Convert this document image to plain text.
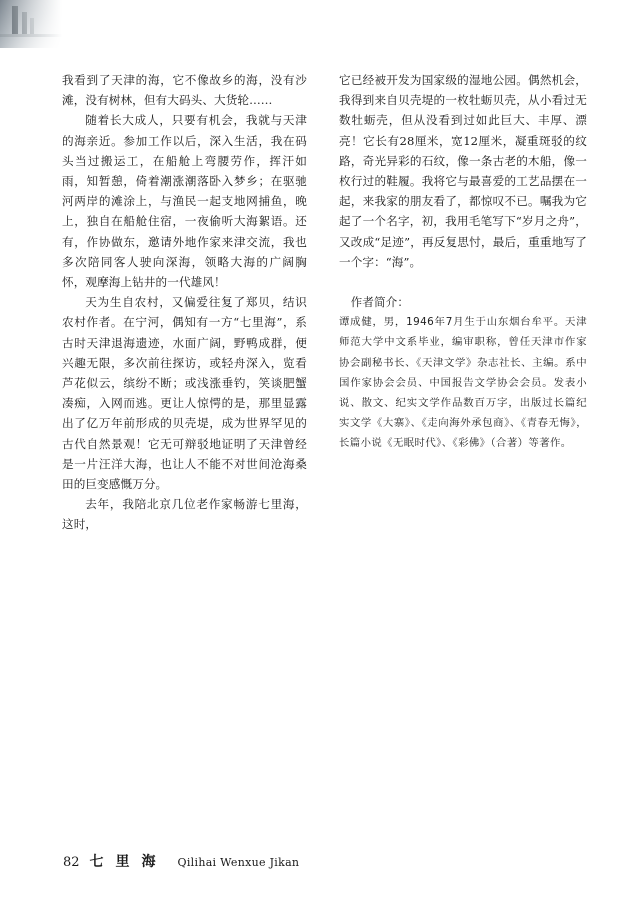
我看到了天津的海，它不像故乡的海，没有沙滩，没有树林，但有大码头、大货轮……

随着长大成人，只要有机会，我就与天津的海亲近。参加工作以后，深入生活，我在码头当过搬运工，在船舱上弯腰劳作，挥汗如雨，知暂憩，倚着潮涨潮落卧入梦乡；在驱驰河两岸的滩涂上，与渔民一起支地网捕鱼，晚上，独自在船舱住宿，一夜偷听大海絮语。还有，作协做东，邀请外地作家来津交流，我也多次陪同客人驶向深海，领略大海的广阔胸怀，观摩海上钻井的一代雄风！

天为生自农村，又偏爱往复了郑贝，结识农村作者。在宁河，偶知有一方“七里海”，系古时天津退海遗迹，水面广阔，野鸭成群，便兴趣无限，多次前往探访，或轻舟深入，览看芦花似云，缤纷不断；或浅涨垂钓，笑谈肥蟹凑痴，入网而逃。更让人惊愕的是，那里显露出了亿万年前形成的贝壳堤，成为世界罕见的古代自然景观！它无可辩驳地证明了天津曾经是一片汪洋大海，也让人不能不对世间沧海桑田的巨变感慨万分。

去年，我陪北京几位老作家畅游七里海，这时，

它已经被开发为国家级的湿地公园。偶然机会，我得到来自贝壳堤的一枚牡蛎贝壳，从小看过无数牡蛎壳，但从没看到过如此巨大、丰厚、漂亮！它长有28厘米，宽12厘米，凝重斑驳的纹路，奇光异彩的石纹，像一条古老的木船，像一枚行过的鞋履。我将它与最喜爱的工艺品摆在一起，来我家的朋友看了，都惊叹不已。嘱我为它起了一个名字，初，我用毛笔写下“岁月之舟”，又改成“足迹”，再反复思忖，最后，重重地写了一个字：“海”。

作者简介：

谭成健，男，1946年7月生于山东烟台牟平。天津师范大学中文系毕业，编审职称，曾任天津市作家协会副秘书长、《天津文学》杂志社长、主编。系中国作家协会会员、中国报告文学协会会员。发表小说、散文、纪实文学作品数百万字，出版过长篇纪实文学《大寨》、《走向海外承包商》、《青春无悔》，长篇小说《无眠时代》、《彩佛》（合著）等著作。

82 七里海 Qilihai Wenxue Jikan
